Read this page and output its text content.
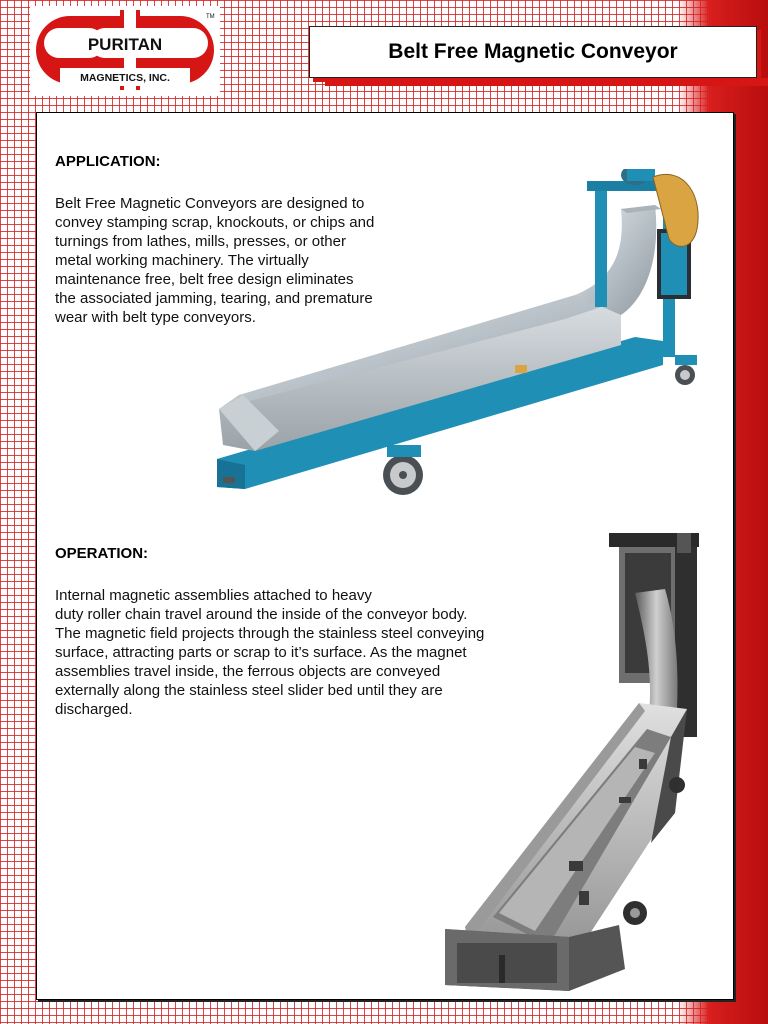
PURITAN
MAGNETICS, INC.
TM
Belt Free Magnetic Conveyor
APPLICATION:
Belt Free Magnetic Conveyors are designed to
convey stamping scrap, knockouts, or chips and
turnings from lathes, mills, presses, or other
metal working machinery. The virtually
maintenance free, belt free design eliminates
the associated jamming, tearing, and premature
wear with belt type conveyors.
OPERATION:
Internal magnetic assemblies attached to heavy
duty roller chain travel around the inside of the conveyor body.
The magnetic field projects through the stainless steel conveying
surface, attracting parts or scrap to it’s surface. As the magnet
assemblies travel inside, the ferrous objects are conveyed
externally along the stainless steel slider bed until they are
discharged.
